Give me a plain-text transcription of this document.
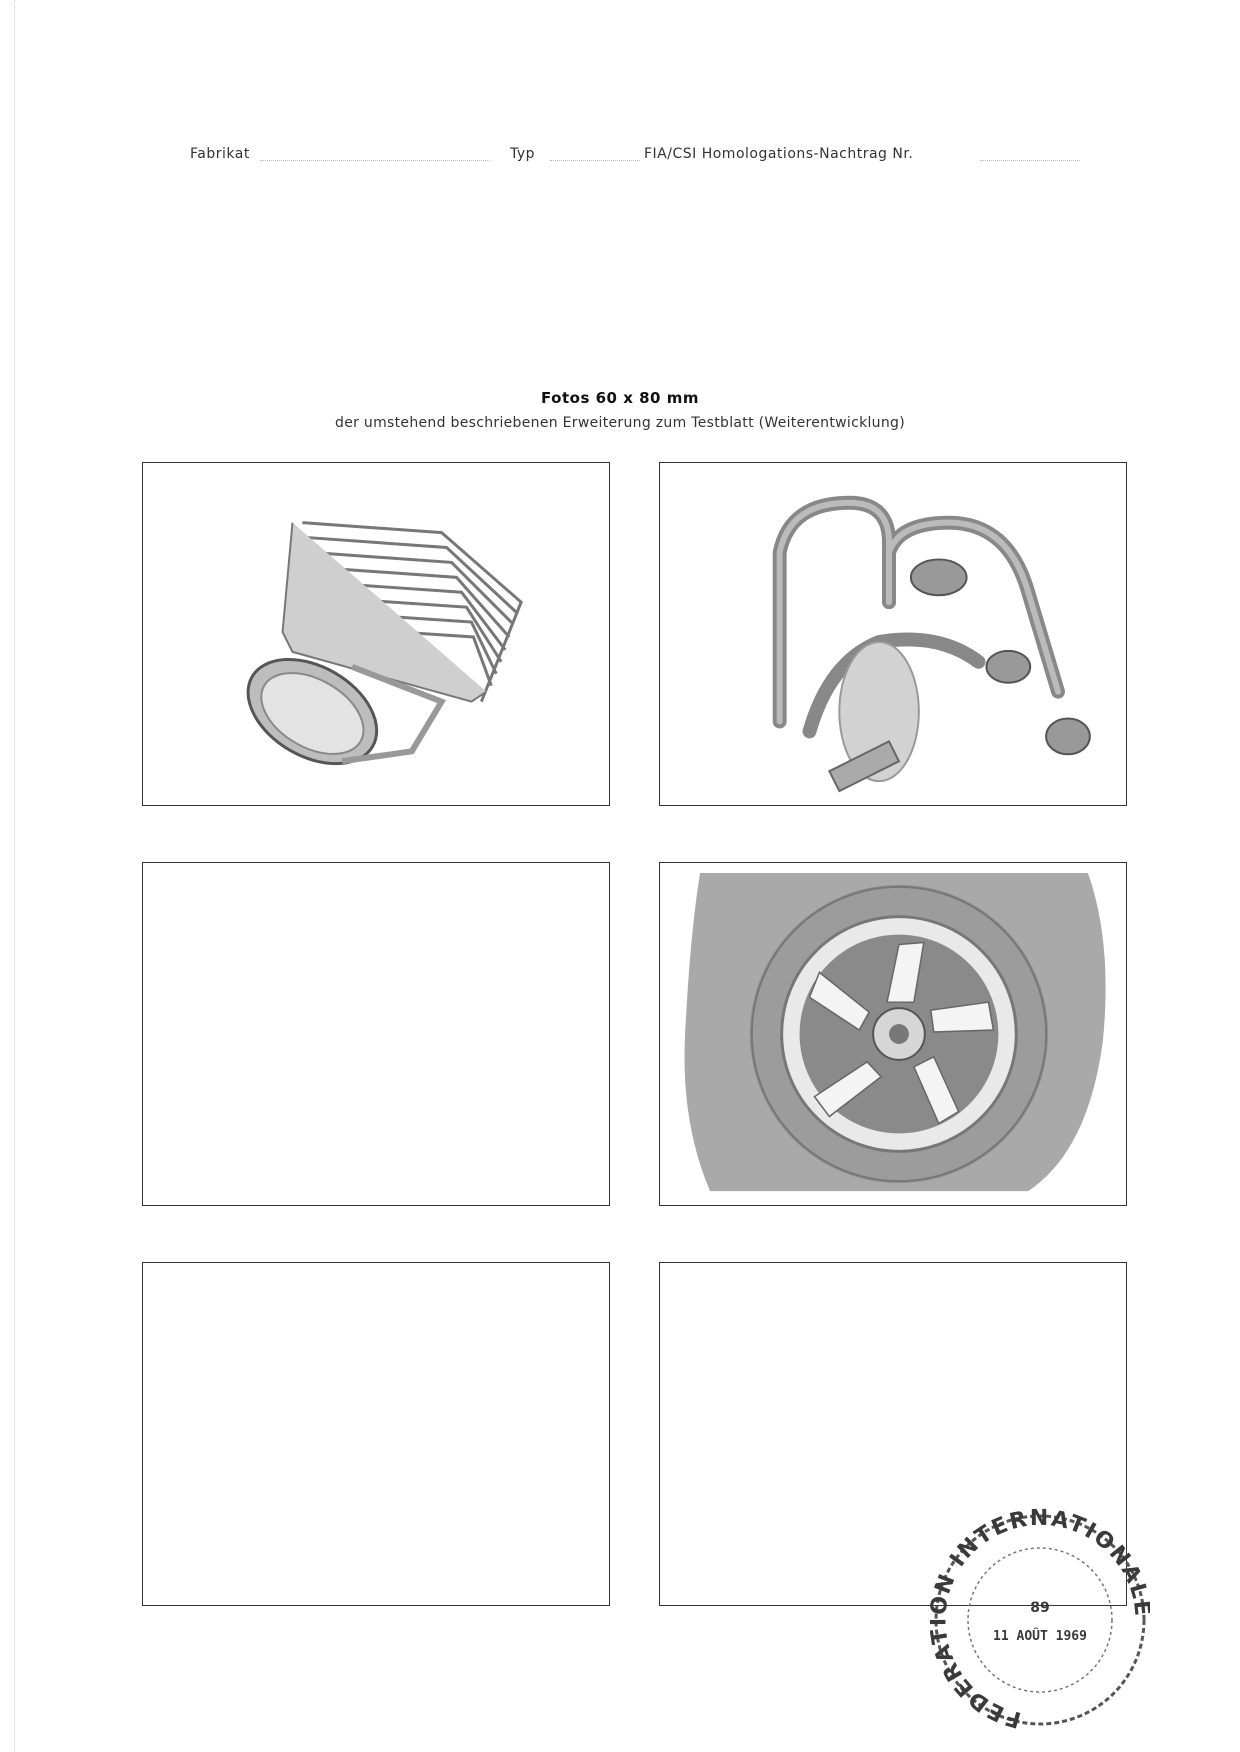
Fabrikat	Typ	FIA/CSI Homologations-Nachtrag Nr.
Fotos 60 x 80 mm
der umstehend beschriebenen Erweiterung zum Testblatt (Weiterentwicklung)
FEDERA N INTERNATIONAL
89
11 AOÛT 1969
